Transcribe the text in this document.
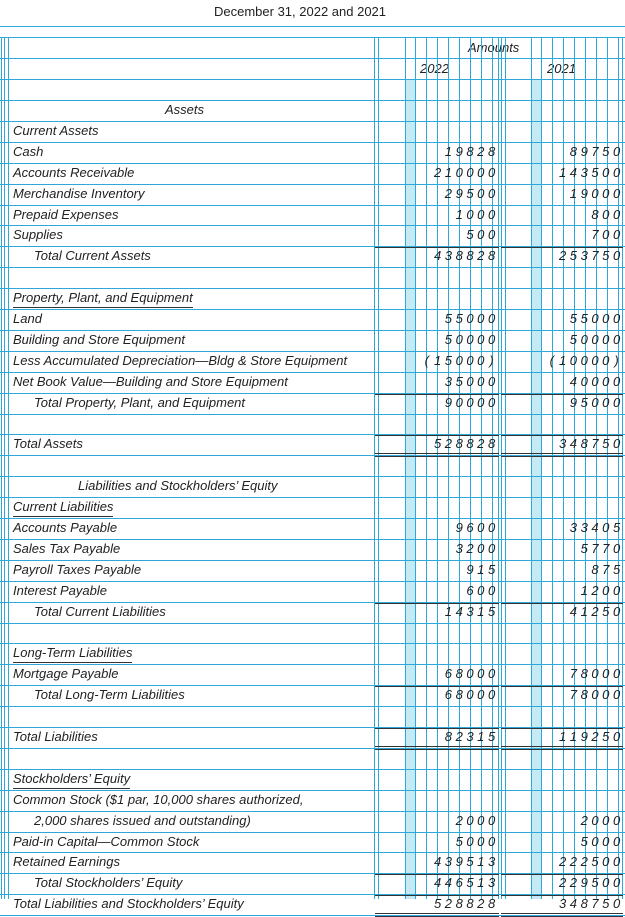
December 31, 2022 and 2021
Amounts
2022	2021
Assets
Current Assets
Cash	1 9 8 2 8	8 9 7 5 0
Accounts Receivable	2 1 0 0 0 0	1 4 3 5 0 0
Merchandise Inventory	2 9 5 0 0	1 9 0 0 0
Prepaid Expenses	1 0 0 0	8 0 0
Supplies	5 0 0	7 0 0
Total Current Assets	4 3 8 8 2 8	2 5 3 7 5 0
Property, Plant, and Equipment
Land	5 5 0 0 0	5 5 0 0 0
Building and Store Equipment	5 0 0 0 0	5 0 0 0 0
Less Accumulated Depreciation—Bldg & Store Equipment	( 1 5 0 0 0 )	( 1 0 0 0 0 )
Net Book Value—Building and Store Equipment	3 5 0 0 0	4 0 0 0 0
Total Property, Plant, and Equipment	9 0 0 0 0	9 5 0 0 0
Total Assets	5 2 8 8 2 8	3 4 8 7 5 0
Liabilities and Stockholders’ Equity
Current Liabilities
Accounts Payable	9 6 0 0	3 3 4 0 5
Sales Tax Payable	3 2 0 0	5 7 7 0
Payroll Taxes Payable	9 1 5	8 7 5
Interest Payable	6 0 0	1 2 0 0
Total Current Liabilities	1 4 3 1 5	4 1 2 5 0
Long-Term Liabilities
Mortgage Payable	6 8 0 0 0	7 8 0 0 0
Total Long-Term Liabilities	6 8 0 0 0	7 8 0 0 0
Total Liabilities	8 2 3 1 5	1 1 9 2 5 0
Stockholders’ Equity
Common Stock ($1 par, 10,000 shares authorized,
2,000 shares issued and outstanding)	2 0 0 0	2 0 0 0
Paid-in Capital—Common Stock	5 0 0 0	5 0 0 0
Retained Earnings	4 3 9 5 1 3	2 2 2 5 0 0
Total Stockholders’ Equity	4 4 6 5 1 3	2 2 9 5 0 0
Total Liabilities and Stockholders’ Equity	5 2 8 8 2 8	3 4 8 7 5 0
